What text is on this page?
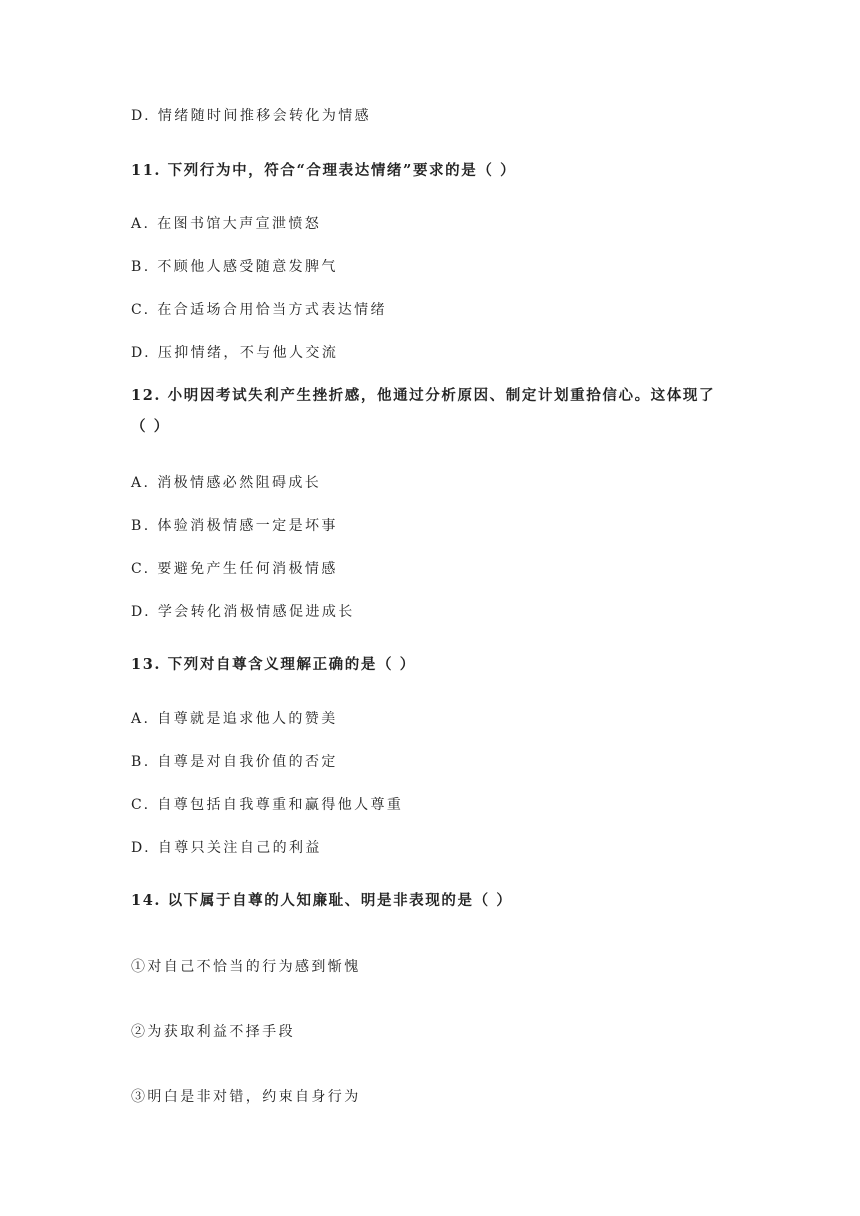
D. 情绪随时间推移会转化为情感
11. 下列行为中，符合“合理表达情绪”要求的是（ ）
A. 在图书馆大声宣泄愤怒
B. 不顾他人感受随意发脾气
C. 在合适场合用恰当方式表达情绪
D. 压抑情绪，不与他人交流
12. 小明因考试失利产生挫折感，他通过分析原因、制定计划重拾信心。这体现了
（ ）
A. 消极情感必然阻碍成长
B. 体验消极情感一定是坏事
C. 要避免产生任何消极情感
D. 学会转化消极情感促进成长
13. 下列对自尊含义理解正确的是（ ）
A. 自尊就是追求他人的赞美
B. 自尊是对自我价值的否定
C. 自尊包括自我尊重和赢得他人尊重
D. 自尊只关注自己的利益
14. 以下属于自尊的人知廉耻、明是非表现的是（ ）
①对自己不恰当的行为感到惭愧
②为获取利益不择手段
③明白是非对错，约束自身行为
